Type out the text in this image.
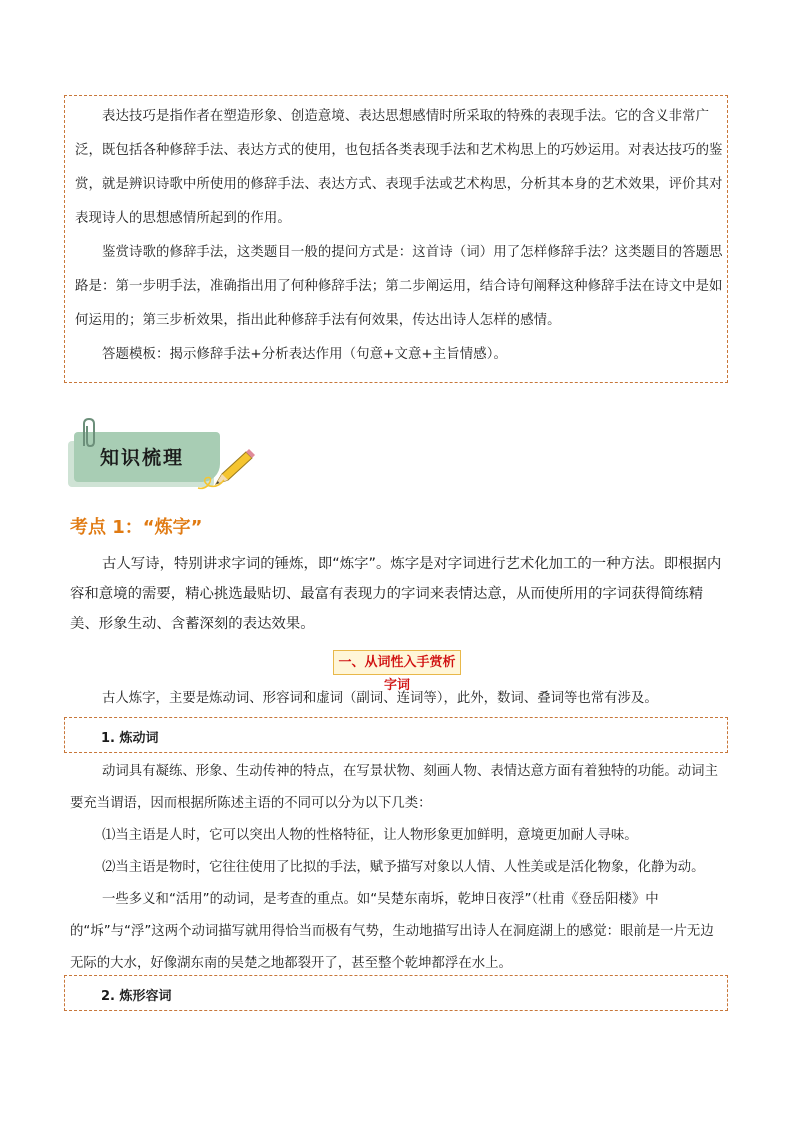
表达技巧是指作者在塑造形象、创造意境、表达思想感情时所采取的特殊的表现手法。它的含义非常广泛，既包括各种修辞手法、表达方式的使用，也包括各类表现手法和艺术构思上的巧妙运用。对表达技巧的鉴赏，就是辨识诗歌中所使用的修辞手法、表达方式、表现手法或艺术构思，分析其本身的艺术效果，评价其对表现诗人的思想感情所起到的作用。

鉴赏诗歌的修辞手法，这类题目一般的提问方式是：这首诗（词）用了怎样修辞手法？这类题目的答题思路是：第一步明手法，准确指出用了何种修辞手法；第二步阐运用，结合诗句阐释这种修辞手法在诗文中是如何运用的；第三步析效果，指出此种修辞手法有何效果，传达出诗人怎样的感情。

答题模板：揭示修辞手法+分析表达作用（句意+文意+主旨情感）。

知识梳理
考点 1：“炼字”

古人写诗，特别讲求字词的锤炼，即“炼字”。炼字是对字词进行艺术化加工的一种方法。即根据内容和意境的需要，精心挑选最贴切、最富有表现力的字词来表情达意，从而使所用的字词获得简练精美、形象生动、含蓄深刻的表达效果。

一、从词性入手赏析字词

古人炼字，主要是炼动词、形容词和虚词（副词、连词等），此外，数词、叠词等也常有涉及。

1. 炼动词

动词具有凝练、形象、生动传神的特点，在写景状物、刻画人物、表情达意方面有着独特的功能。动词主要充当谓语，因而根据所陈述主语的不同可以分为以下几类：

⑴当主语是人时，它可以突出人物的性格特征，让人物形象更加鲜明，意境更加耐人寻味。

⑵当主语是物时，它往往使用了比拟的手法，赋予描写对象以人情、人性美或是活化物象，化静为动。

一些多义和“活用”的动词，是考查的重点。如“吴楚东南坼，乾坤日夜浮”（杜甫《登岳阳楼》中的“坼”与“浮”这两个动词描写就用得恰当而极有气势，生动地描写出诗人在洞庭湖上的感觉：眼前是一片无边无际的大水，好像湖东南的吴楚之地都裂开了，甚至整个乾坤都浮在水上。

2. 炼形容词
